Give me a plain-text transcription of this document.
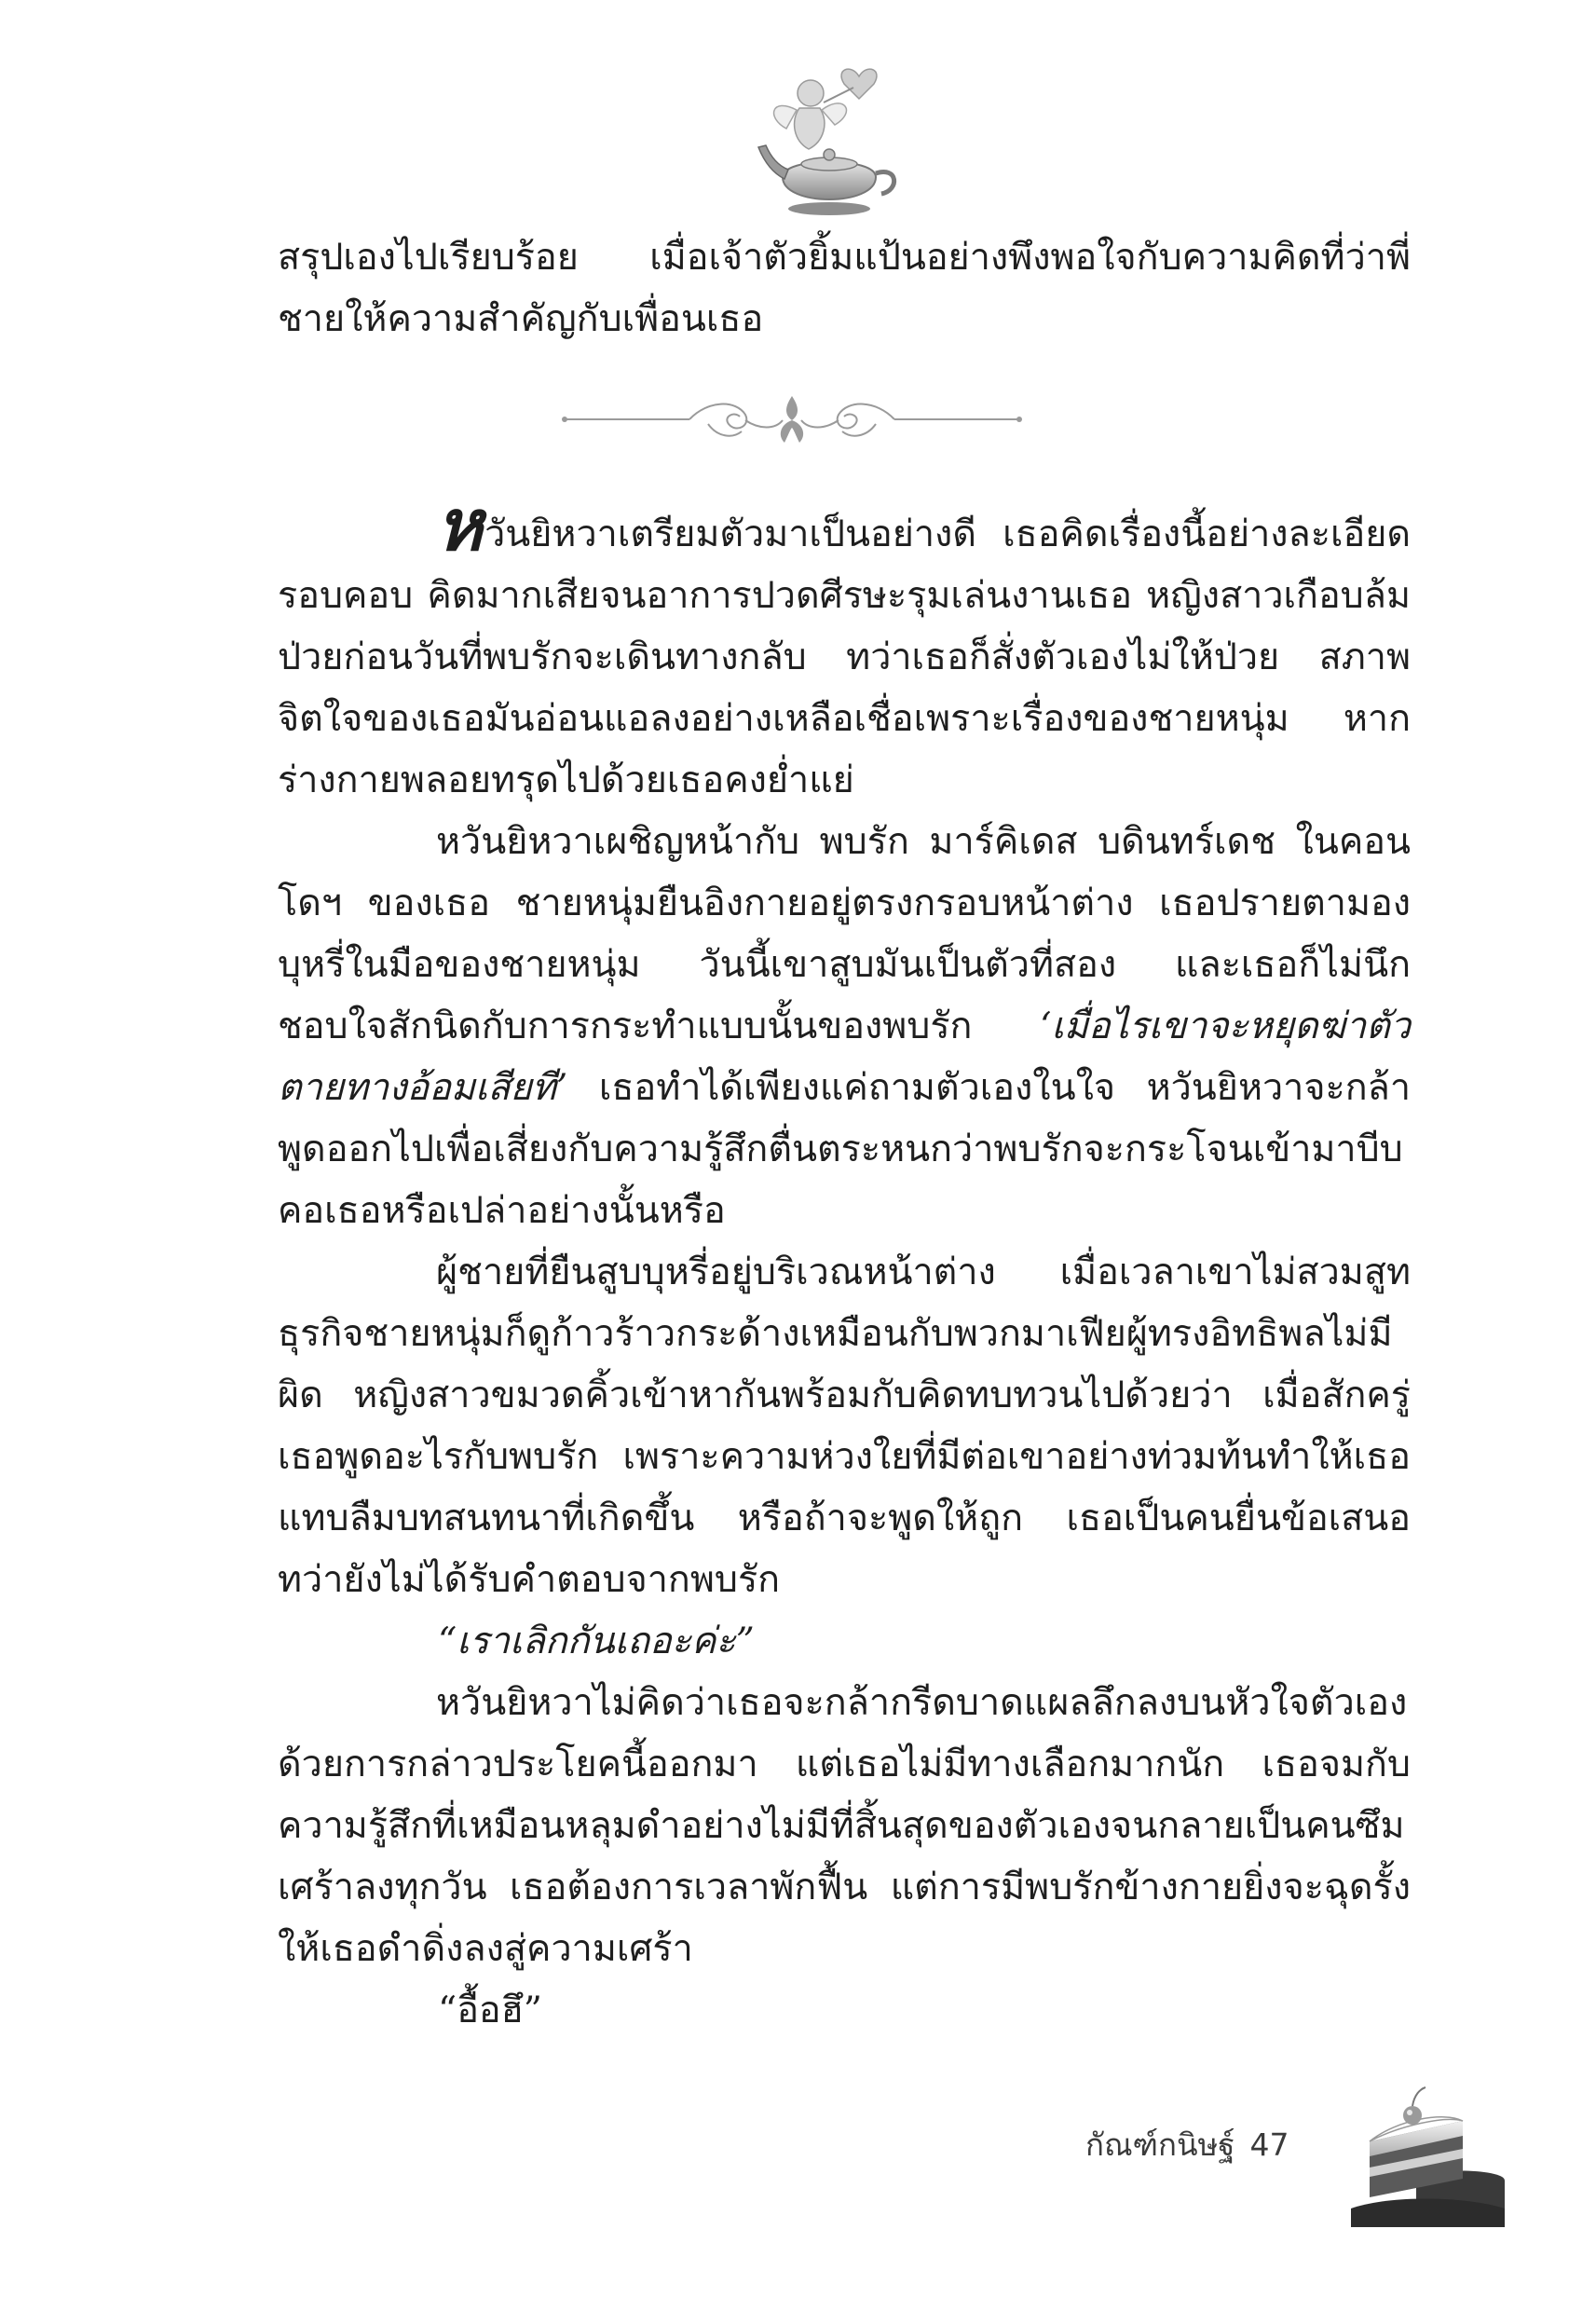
สรุปเองไปเรียบร้อย เมื่อเจ้าตัวยิ้มแป้นอย่างพึงพอใจกับความคิดที่ว่าพี่ชายให้ความสำคัญกับเพื่อนเธอ

หวันยิหวาเตรียมตัวมาเป็นอย่างดี เธอคิดเรื่องนี้อย่างละเอียดรอบคอบ คิดมากเสียจนอาการปวดศีรษะรุมเล่นงานเธอ หญิงสาวเกือบล้มป่วยก่อนวันที่พบรักจะเดินทางกลับ ทว่าเธอก็สั่งตัวเองไม่ให้ป่วย สภาพจิตใจของเธอมันอ่อนแอลงอย่างเหลือเชื่อเพราะเรื่องของชายหนุ่ม หากร่างกายพลอยทรุดไปด้วยเธอคงย่ำแย่

หวันยิหวาเผชิญหน้ากับ พบรัก มาร์คิเดส บดินทร์เดช ในคอนโดฯ ของเธอ ชายหนุ่มยืนอิงกายอยู่ตรงกรอบหน้าต่าง เธอปรายตามองบุหรี่ในมือของชายหนุ่ม วันนี้เขาสูบมันเป็นตัวที่สอง และเธอก็ไม่นึกชอบใจสักนิดกับการกระทำแบบนั้นของพบรัก ‘เมื่อไรเขาจะหยุดฆ่าตัวตายทางอ้อมเสียที’ เธอทำได้เพียงแค่ถามตัวเองในใจ หวันยิหวาจะกล้าพูดออกไปเพื่อเสี่ยงกับความรู้สึกตื่นตระหนกว่าพบรักจะกระโจนเข้ามาบีบคอเธอหรือเปล่าอย่างนั้นหรือ

ผู้ชายที่ยืนสูบบุหรี่อยู่บริเวณหน้าต่าง เมื่อเวลาเขาไม่สวมสูทธุรกิจชายหนุ่มก็ดูก้าวร้าวกระด้างเหมือนกับพวกมาเฟียผู้ทรงอิทธิพลไม่มีผิด หญิงสาวขมวดคิ้วเข้าหากันพร้อมกับคิดทบทวนไปด้วยว่า เมื่อสักครู่เธอพูดอะไรกับพบรัก เพราะความห่วงใยที่มีต่อเขาอย่างท่วมท้นทำให้เธอแทบลืมบทสนทนาที่เกิดขึ้น หรือถ้าจะพูดให้ถูก เธอเป็นคนยื่นข้อเสนอ ทว่ายังไม่ได้รับคำตอบจากพบรัก

“เราเลิกกันเถอะค่ะ”

หวันยิหวาไม่คิดว่าเธอจะกล้ากรีดบาดแผลลึกลงบนหัวใจตัวเองด้วยการกล่าวประโยคนี้ออกมา แต่เธอไม่มีทางเลือกมากนัก เธอจมกับความรู้สึกที่เหมือนหลุมดำอย่างไม่มีที่สิ้นสุดของตัวเองจนกลายเป็นคนซึมเศร้าลงทุกวัน เธอต้องการเวลาพักฟื้น แต่การมีพบรักข้างกายยิ่งจะฉุดรั้งให้เธอดำดิ่งลงสู่ความเศร้า

“อื้อฮึ”

กัณฑ์กนิษฐ์ 47
